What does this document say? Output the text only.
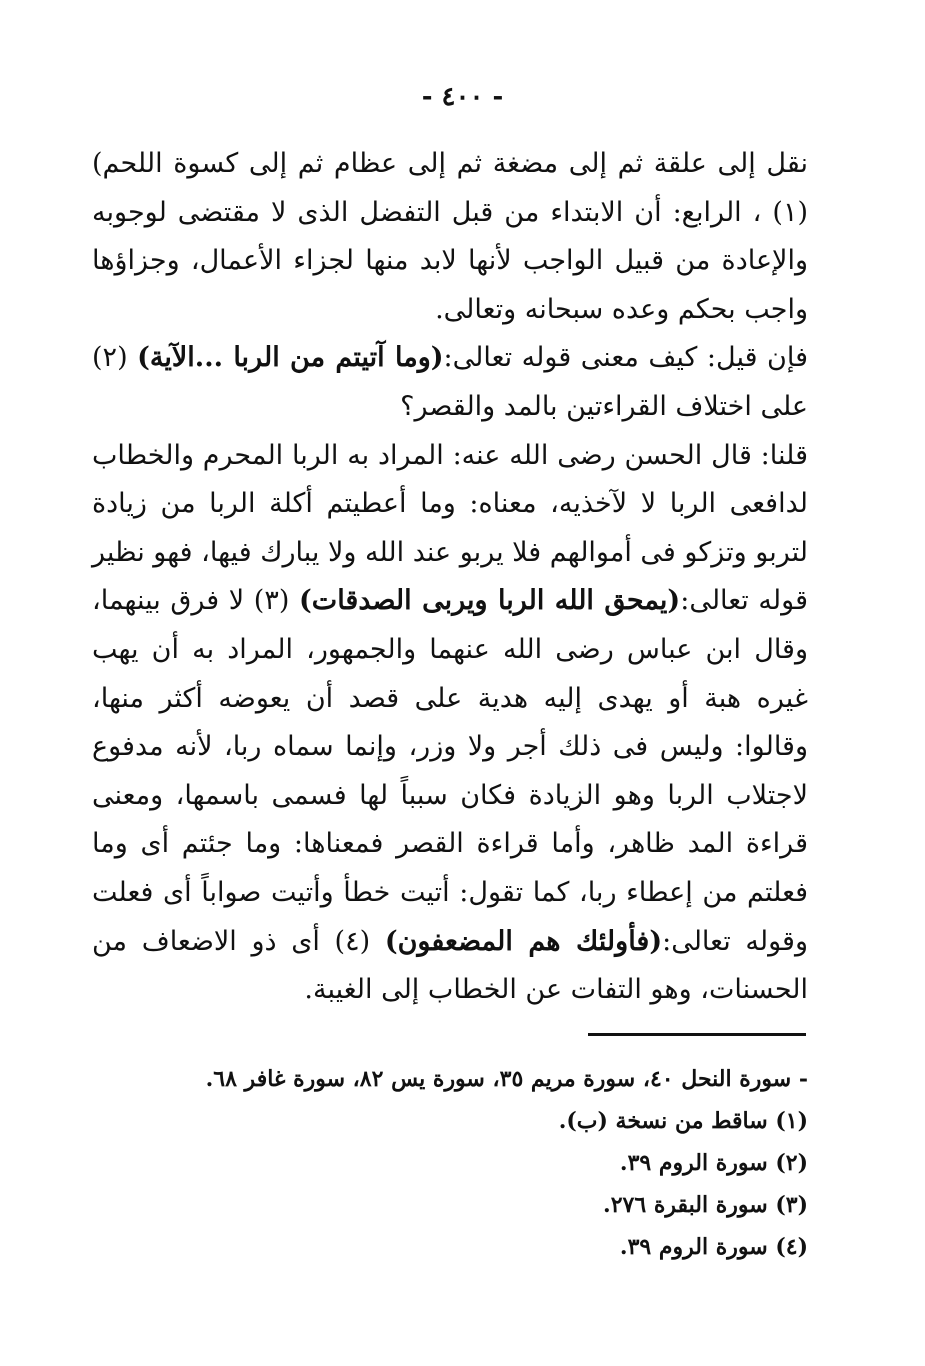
- ٤٠٠ -

نقل إلى علقة ثم إلى مضغة ثم إلى عظام ثم إلى كسوة اللحم) (١) ، الرابع: أن الابتداء من قبل التفضل الذى لا مقتضى لوجوبه والإعادة من قبيل الواجب لأنها لابد منها لجزاء الأعمال، وجزاؤها واجب بحكم وعده سبحانه وتعالى.

فإن قيل: كيف معنى قوله تعالى:(وما آتيتم من الربا ...الآية) (٢) على اختلاف القراءتين بالمد والقصر؟

قلنا: قال الحسن رضى الله عنه: المراد به الربا المحرم والخطاب لدافعى الربا لا لآخذيه، معناه: وما أعطيتم أكلة الربا من زيادة لتربو وتزكو فى أموالهم فلا يربو عند الله ولا يبارك فيها، فهو نظير قوله تعالى:(يمحق الله الربا ويربى الصدقات) (٣) لا فرق بينهما، وقال ابن عباس رضى الله عنهما والجمهور، المراد به أن يهب غيره هبة أو يهدى إليه هدية على قصد أن يعوضه أكثر منها، وقالوا: وليس فى ذلك أجر ولا وزر، وإنما سماه ربا، لأنه مدفوع لاجتلاب الربا وهو الزيادة فكان سبباً لها فسمى باسمها، ومعنى قراءة المد ظاهر، وأما قراءة القصر فمعناها: وما جئتم أى وما فعلتم من إعطاء ربا، كما تقول: أتيت خطأ وأتيت صواباً أى فعلت وقوله تعالى:(فأولئك هم المضعفون) (٤) أى ذو الاضعاف من الحسنات، وهو التفات عن الخطاب إلى الغيبة.

- سورة النحل ٤٠، سورة مريم ٣٥، سورة يس ٨٢، سورة غافر ٦٨.
(١) ساقط من نسخة (ب).
(٢) سورة الروم ٣٩.
(٣) سورة البقرة ٢٧٦.
(٤) سورة الروم ٣٩.
